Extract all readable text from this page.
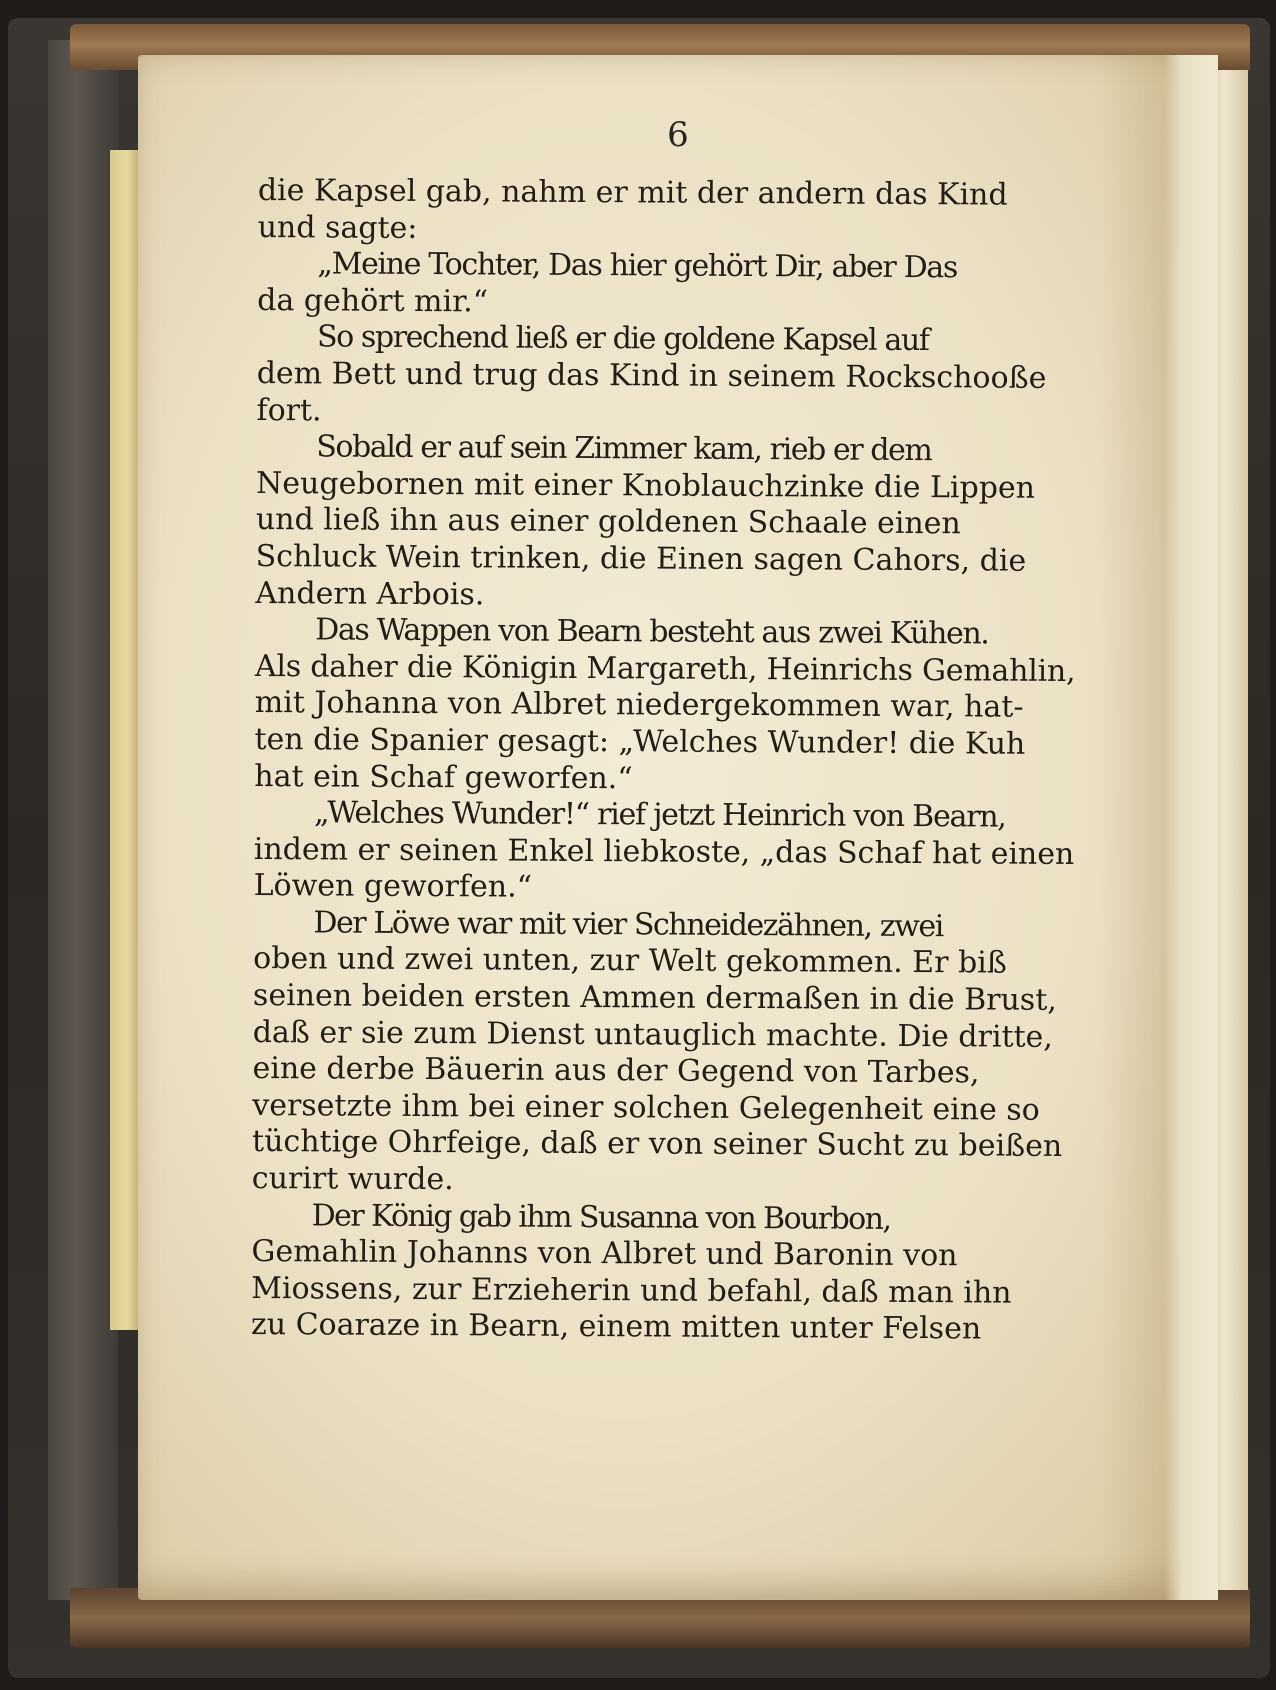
6
die Kapsel gab, nahm er mit der andern das Kind
und sagte:
„Meine Tochter, Das hier gehört Dir, aber Das
da gehört mir.“
So sprechend ließ er die goldene Kapsel auf
dem Bett und trug das Kind in seinem Rockschooße
fort.
Sobald er auf sein Zimmer kam, rieb er dem
Neugebornen mit einer Knoblauchzinke die Lippen
und ließ ihn aus einer goldenen Schaale einen
Schluck Wein trinken, die Einen sagen Cahors, die
Andern Arbois.
Das Wappen von Bearn besteht aus zwei Kühen.
Als daher die Königin Margareth, Heinrichs Gemahlin,
mit Johanna von Albret niedergekommen war, hat-
ten die Spanier gesagt: „Welches Wunder! die Kuh
hat ein Schaf geworfen.“
„Welches Wunder!“ rief jetzt Heinrich von Bearn,
indem er seinen Enkel liebkoste, „das Schaf hat einen
Löwen geworfen.“
Der Löwe war mit vier Schneidezähnen, zwei
oben und zwei unten, zur Welt gekommen. Er biß
seinen beiden ersten Ammen dermaßen in die Brust,
daß er sie zum Dienst untauglich machte. Die dritte,
eine derbe Bäuerin aus der Gegend von Tarbes,
versetzte ihm bei einer solchen Gelegenheit eine so
tüchtige Ohrfeige, daß er von seiner Sucht zu beißen
curirt wurde.
Der König gab ihm Susanna von Bourbon,
Gemahlin Johanns von Albret und Baronin von
Miossens, zur Erzieherin und befahl, daß man ihn
zu Coaraze in Bearn, einem mitten unter Felsen
